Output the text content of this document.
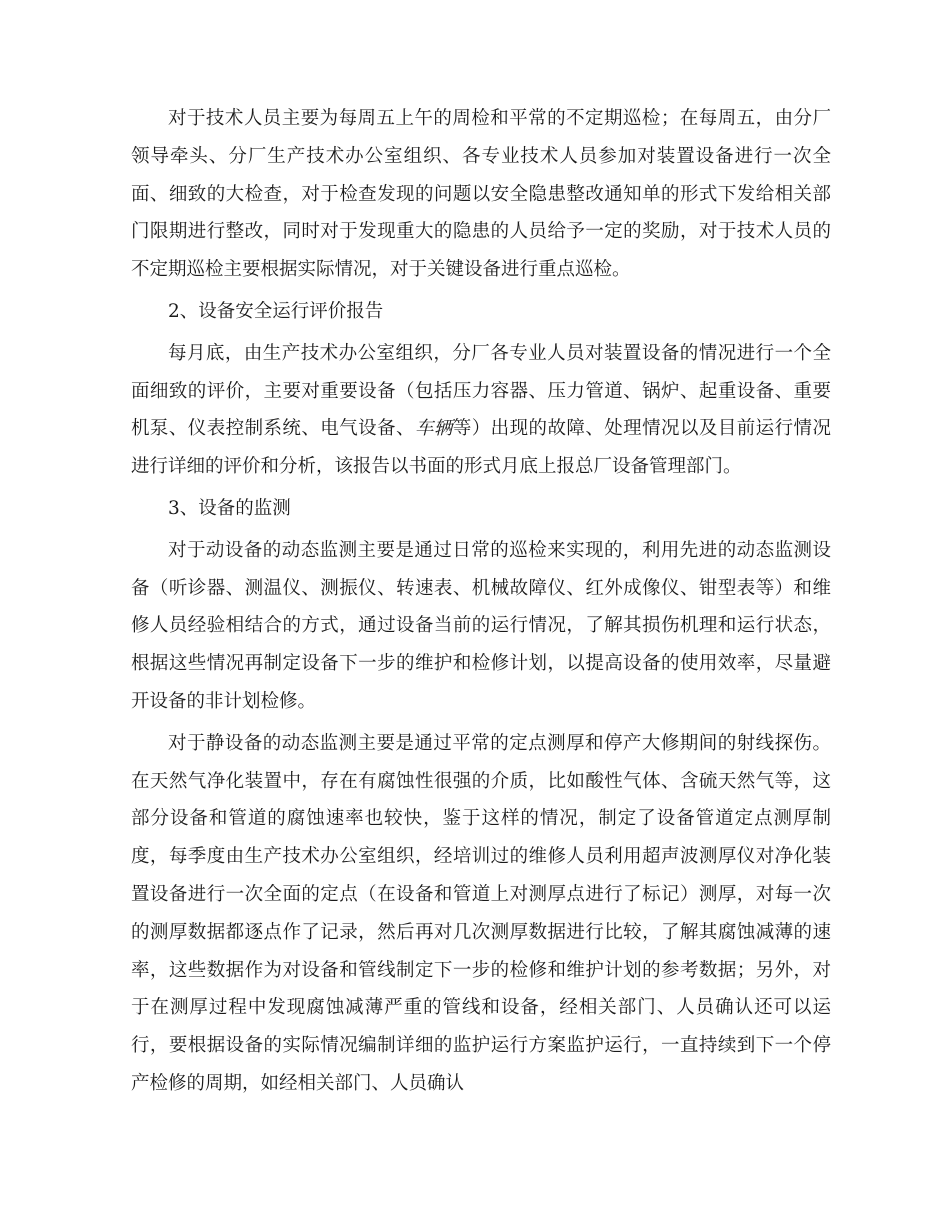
对于技术人员主要为每周五上午的周检和平常的不定期巡检；在每周五，由分厂领导牵头、分厂生产技术办公室组织、各专业技术人员参加对装置设备进行一次全面、细致的大检查，对于检查发现的问题以安全隐患整改通知单的形式下发给相关部门限期进行整改，同时对于发现重大的隐患的人员给予一定的奖励，对于技术人员的不定期巡检主要根据实际情况，对于关键设备进行重点巡检。

2、设备安全运行评价报告

每月底，由生产技术办公室组织，分厂各专业人员对装置设备的情况进行一个全面细致的评价，主要对重要设备（包括压力容器、压力管道、锅炉、起重设备、重要机泵、仪表控制系统、电气设备、车辆等）出现的故障、处理情况以及目前运行情况进行详细的评价和分析，该报告以书面的形式月底上报总厂设备管理部门。

3、设备的监测

对于动设备的动态监测主要是通过日常的巡检来实现的，利用先进的动态监测设备（听诊器、测温仪、测振仪、转速表、机械故障仪、红外成像仪、钳型表等）和维修人员经验相结合的方式，通过设备当前的运行情况，了解其损伤机理和运行状态，根据这些情况再制定设备下一步的维护和检修计划，以提高设备的使用效率，尽量避开设备的非计划检修。

对于静设备的动态监测主要是通过平常的定点测厚和停产大修期间的射线探伤。在天然气净化装置中，存在有腐蚀性很强的介质，比如酸性气体、含硫天然气等，这部分设备和管道的腐蚀速率也较快，鉴于这样的情况，制定了设备管道定点测厚制度，每季度由生产技术办公室组织，经培训过的维修人员利用超声波测厚仪对净化装置设备进行一次全面的定点（在设备和管道上对测厚点进行了标记）测厚，对每一次的测厚数据都逐点作了记录，然后再对几次测厚数据进行比较，了解其腐蚀减薄的速率，这些数据作为对设备和管线制定下一步的检修和维护计划的参考数据；另外，对于在测厚过程中发现腐蚀减薄严重的管线和设备，经相关部门、人员确认还可以运行，要根据设备的实际情况编制详细的监护运行方案监护运行，一直持续到下一个停产检修的周期，如经相关部门、人员确认
